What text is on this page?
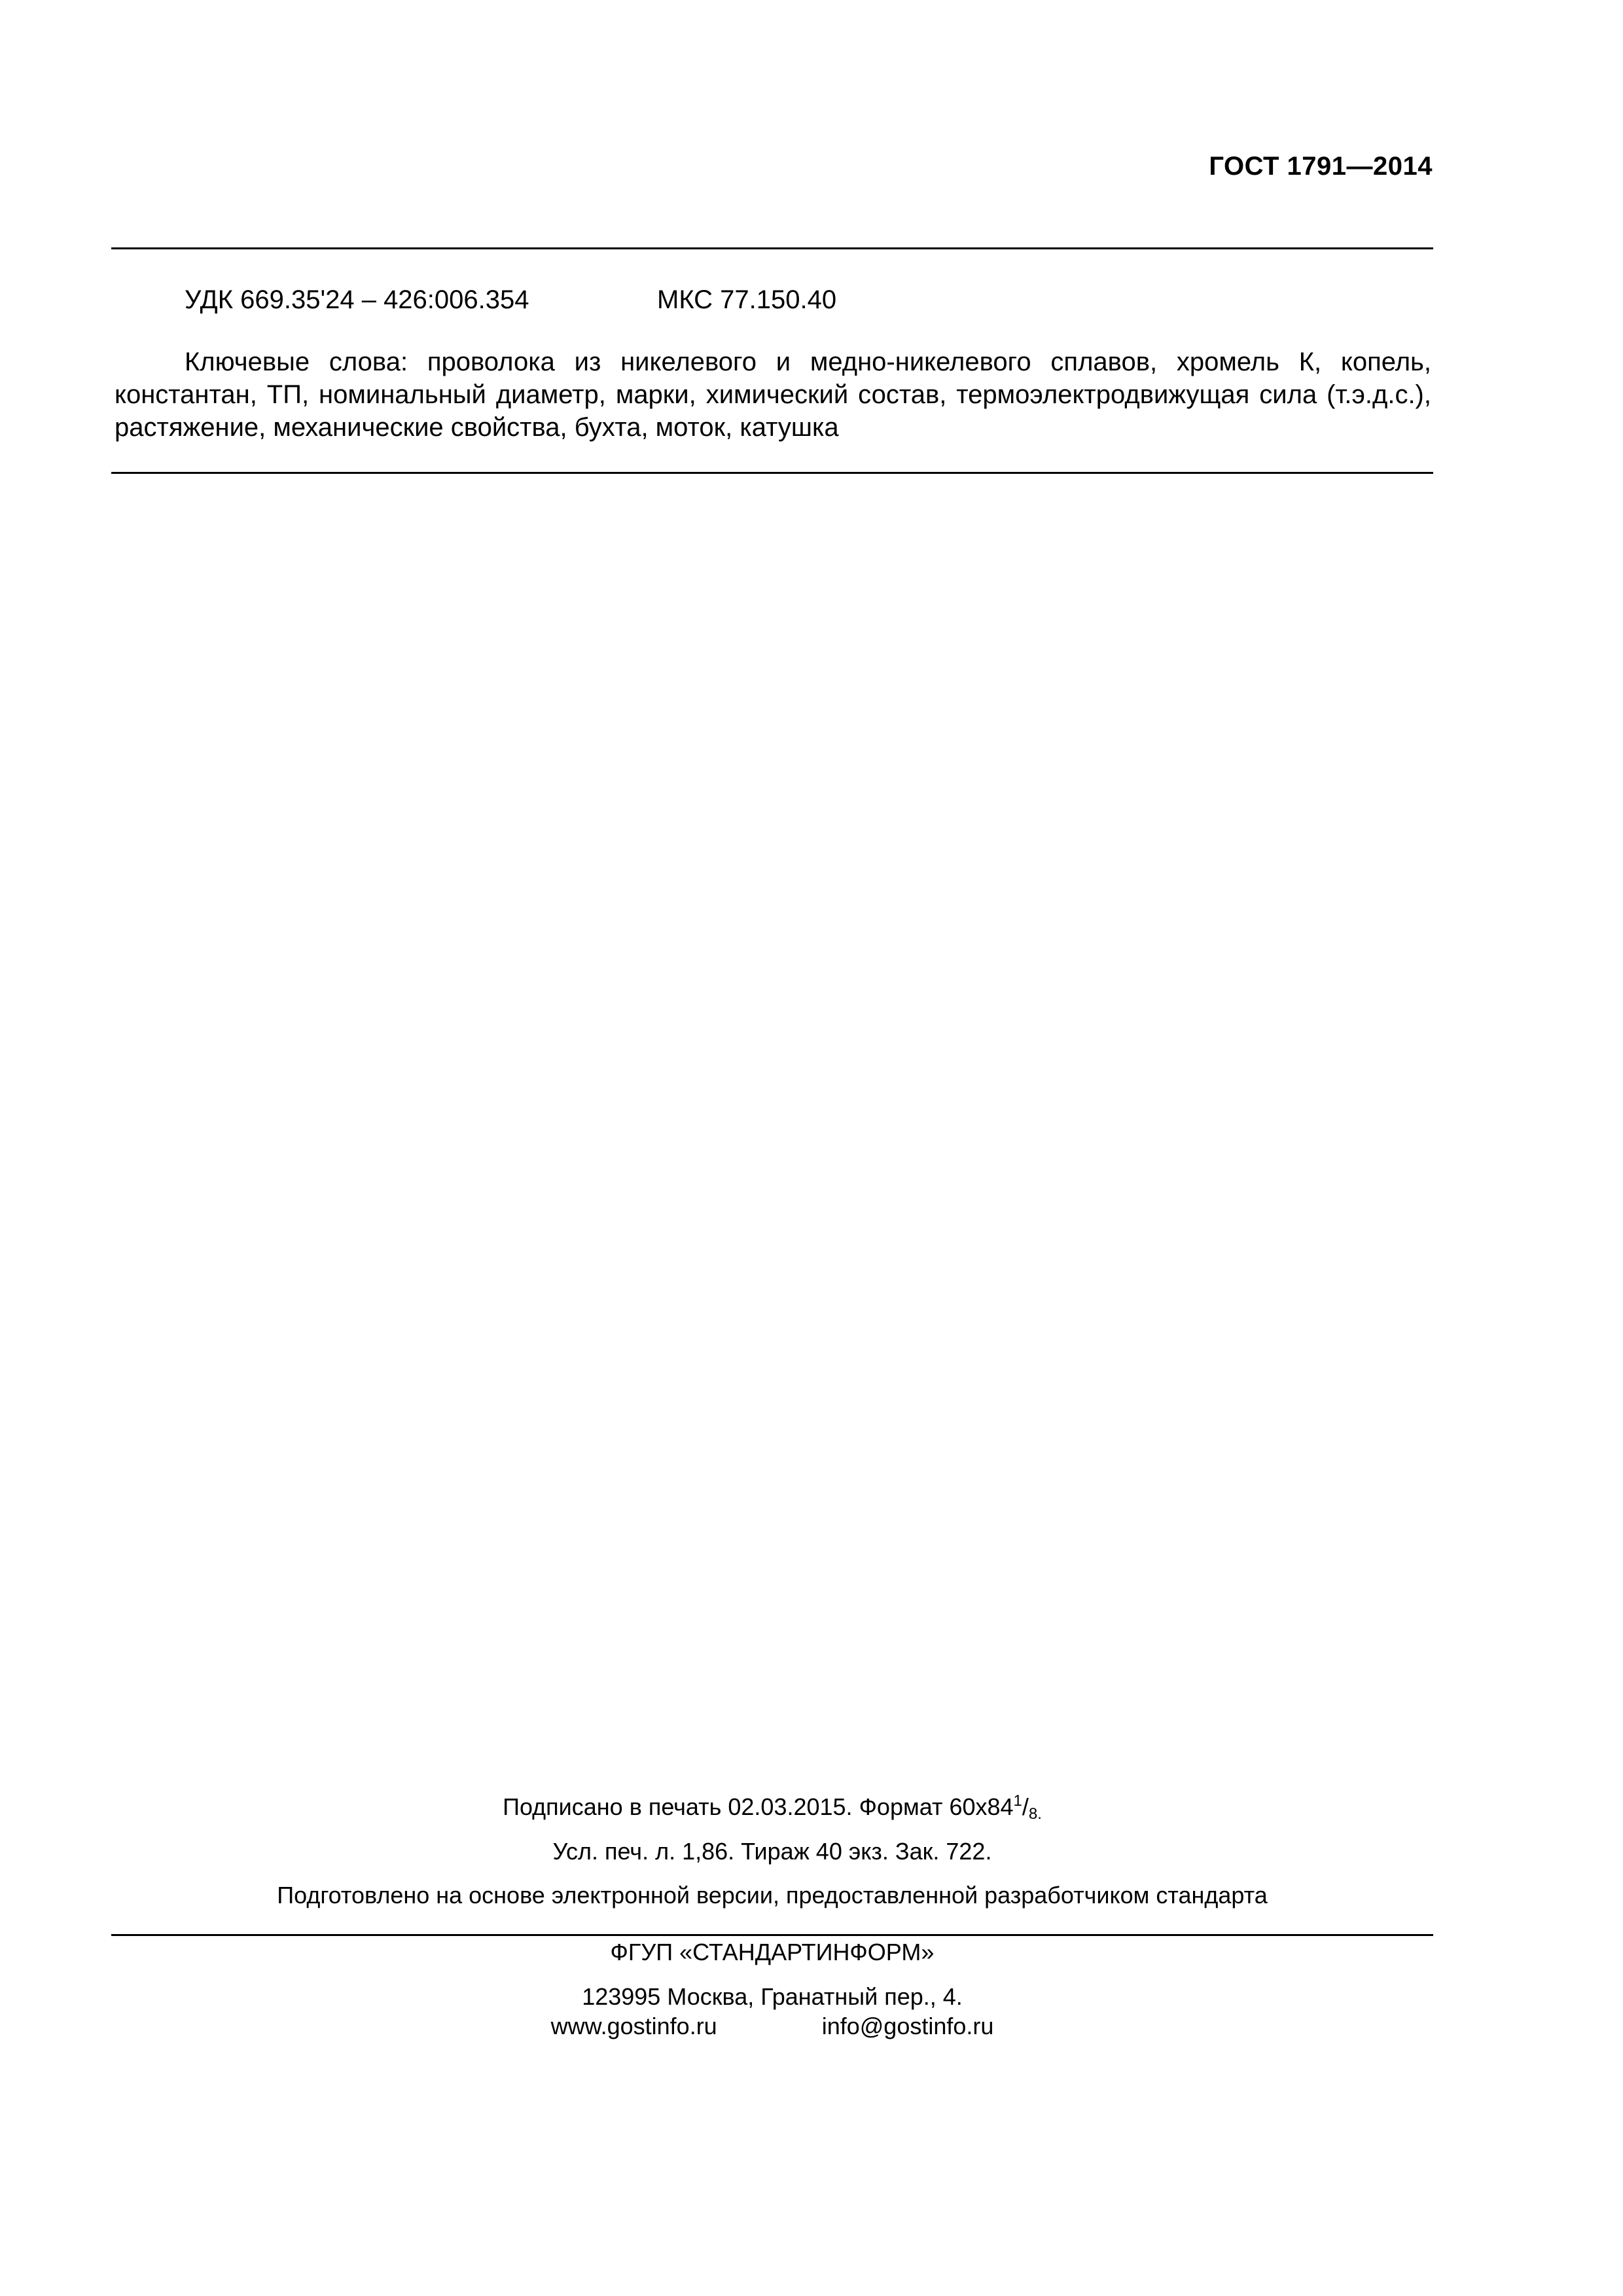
ГОСТ 1791—2014
УДК 669.35'24 – 426:006.354	МКС 77.150.40
Ключевые слова: проволока из никелевого и медно-никелевого сплавов, хромель К, копель, константан, ТП, номинальный диаметр, марки, химический состав, термоэлектродвижущая сила (т.э.д.с.), растяжение, механические свойства, бухта, моток, катушка
Подписано в печать 02.03.2015. Формат $60х84^1/_{8.}$
Усл. печ. л. 1,86. Тираж 40 экз. Зак. 722.
Подготовлено на основе электронной версии, предоставленной разработчиком стандарта
ФГУП «СТАНДАРТИНФОРМ»
123995 Москва, Гранатный пер., 4.
www.gostinfo.ru	info@gostinfo.ru
